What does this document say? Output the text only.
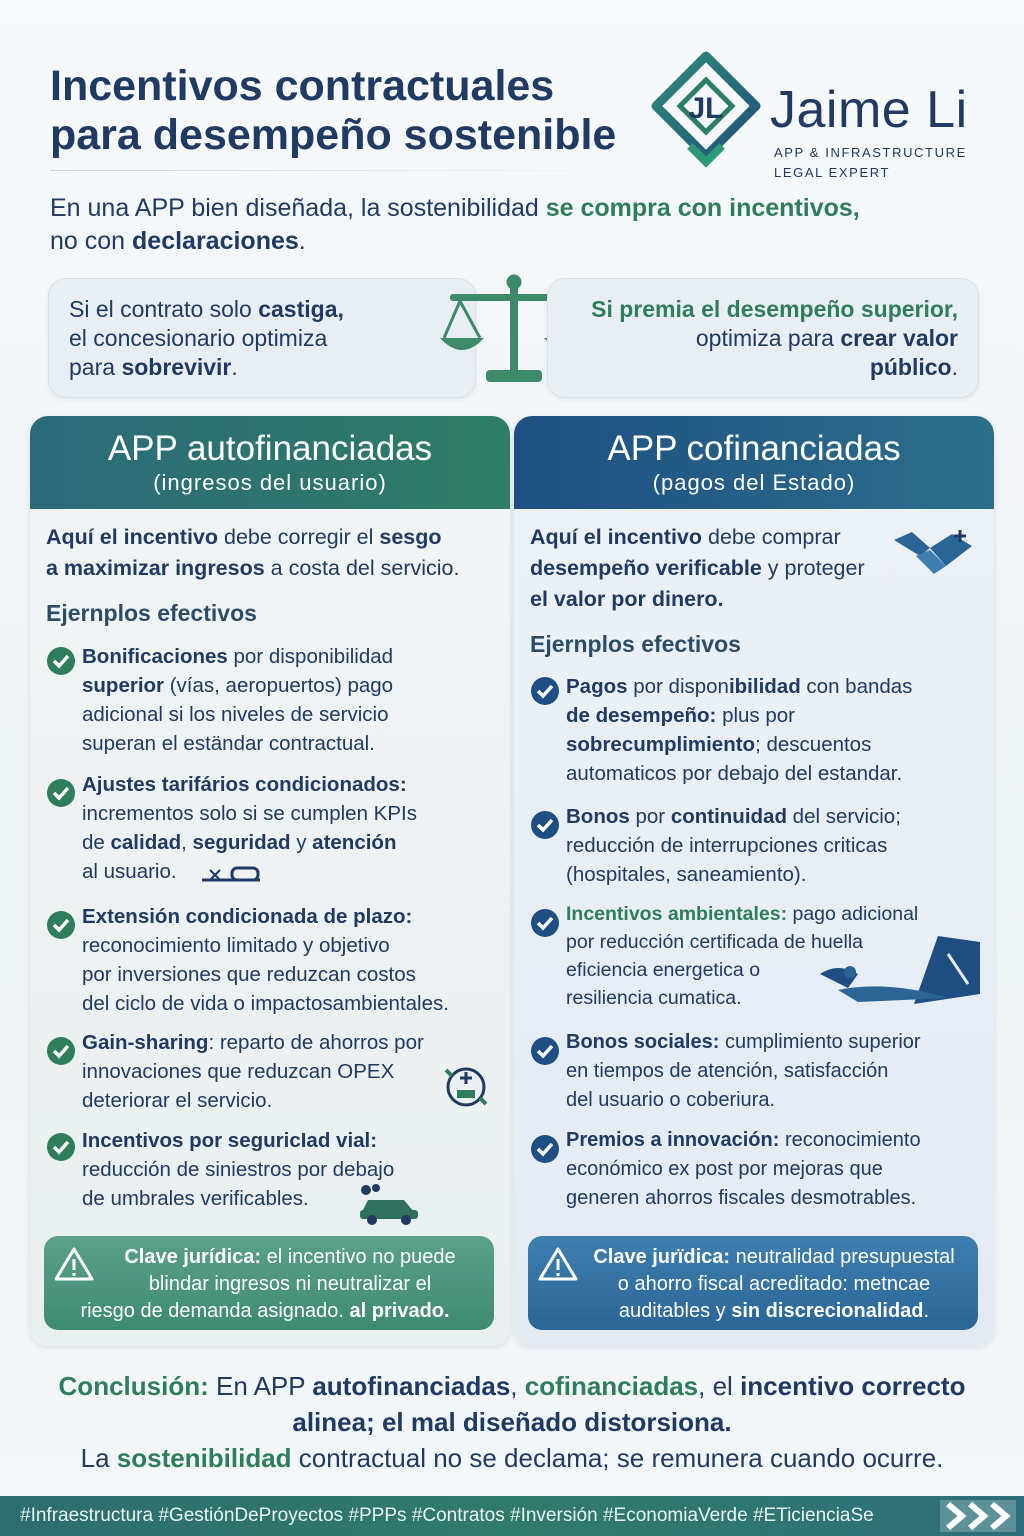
Incentivos contractuales para desempeño sostenible
JL Jaime Li
APP & INFRASTRUCTURE
LEGAL EXPERT
En una APP bien diseñada, la sostenibilidad se compra con incentivos,
no con declaraciones.
Si el contrato solo castiga,
el concesionario optimiza
para sobrevivir.
Si premia el desempeño superior,
optimiza para crear valor
público.
APP autofinanciadas
(ingresos del usuario)
Aquí el incentivo debe corregir el sesgo
a maximizar ingresos a costa del servicio.
Ejernplos efectivos
Bonificaciones por disponibilidad
superior (vías, aeropuertos) pago
adicional si los niveles de servicio
superan el eständar contractual.
Ajustes tarifários condicionados:
incrementos solo si se cumplen KPIs
de calidad, seguridad y atención
al usuario.
Extensión condicionada de plazo:
reconocimiento limitado y objetivo
por inversiones que reduzcan costos
del ciclo de vida o impactosambientales.
Gain-sharing: reparto de ahorros por
innovaciones que reduzcan OPEX
deteriorar el servicio.
Incentivos por seguricIad vial:
reducción de siniestros por debajo
de umbrales verificables.
Clave jurídica: el incentivo no puede
blindar ingresos ni neutralizar el
riesgo de demanda asignado. al privado.
APP cofinanciadas
(pagos del Estado)
Aquí el incentivo debe comprar
desempeño verificable y proteger
el valor por dinero.
Ejernplos efectivos
Pagos por disponibilidad con bandas
de desempeño: plus por
sobrecumplimiento; descuentos
automaticos por debajo del estandar.
Bonos por continuidad del servicio;
reducción de interrupciones criticas
(hospitales, saneamiento).
Incentivos ambientales: pago adicional
por reducción certificada de huella
eficiencia energetica o
resiliencia cumatica.
Bonos sociales: cumplimiento superior
en tiempos de atención, satisfacción
del usuario o coberiura.
Premios a innovación: reconocimiento
económico ex post por mejoras que
generen ahorros fiscales desmotrables.
Clave jurïdica: neutralidad presupuestal
o ahorro fiscal acreditado: metncae
auditables y sin discrecionalidad.
Conclusión: En APP autofinanciadas, cofinanciadas, el incentivo correcto
alinea; el mal diseñado distorsiona.
La sostenibilidad contractual no se declama; se remunera cuando ocurre.
#Infraestructura #GestiónDeProyectos #PPPs #Contratos #Inversión #EconomiaVerde #ETicienciaSe
